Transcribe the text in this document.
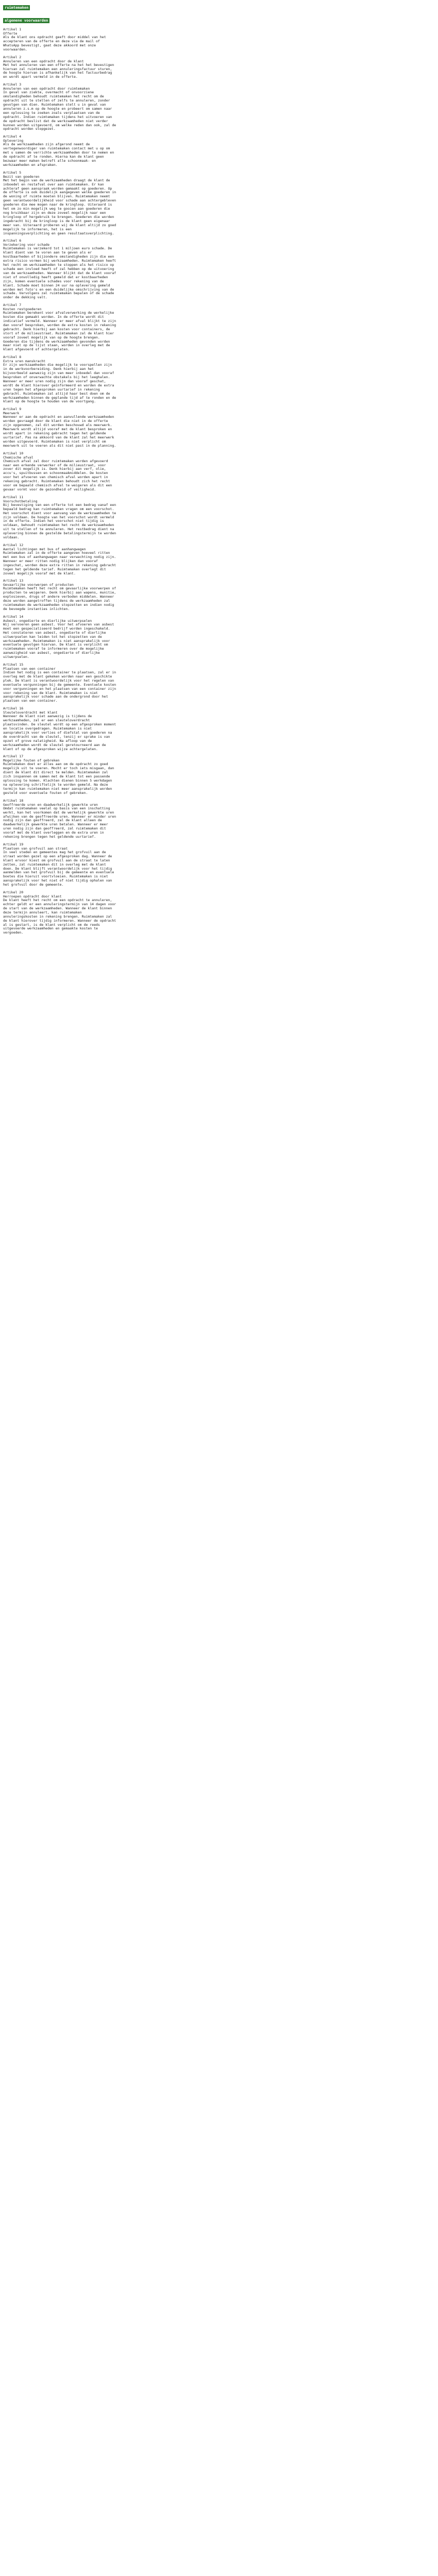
ruimtemaken
algemene voorwaarden

Artikel 1

Offerte

Als de klant ons opdracht geeft door middel van het accepteren van de offerte en deze via de mail of WhatsApp bevestigt, gaat deze akkoord met onze voorwaarden.

Artikel 2

Annuleren van een opdracht door de klant

Met het annuleren van een offerte na het het bevestigen hiervan zal ruimtemaken een annuleringsfactuur sturen, de hoogte hiervan is afhankelijk van het factuurbedrag en wordt apart vermeld in de offerte.

Artikel 3

Annuleren van een opdracht door ruimtemaken

In geval van ziekte, overmacht of onvoorziene omstandigheden behoudt ruimtemaken het recht om de opdracht uit te stellen of zelfs te annuleren, zonder gevolgen van dien. Ruimtemaken stelt u in geval van annuleren z.s.m op de hoogte en probeert om samen naar een oplossing te zoeken zoals verplaatsen van de opdracht. Indien ruimtemaken tijdens het uitvoeren van de opdracht beslist dat de werkzaamheden niet verder kunnen worden uitgevoerd, om welke reden dan ook, zal de opdracht worden stopgezet.

Artikel 4

Oplevering

Als de werkzaamheden zijn afgerond neemt de vertegenwoordiger van ruimtemaken contact met u op om met u samen de verrichte werkzaamheden door te nemen en de opdracht af te ronden. Hierna kan de klant geen bezwaar meer maken betreft alle schoonmaak- en werkzaamheden en afspraken.

Artikel 5

Bezit van goederen

Met het begin van de werkzaamheden draagt de klant de inboedel en restafval over aan ruimtemaken. Er kan achteraf geen aanspraak worden gemaakt op goederen. Op de offerte is ook duidelijk aangegeven welke goederen in de woning of ruimte moeten blijven. Ruimtemaken neemt geen verantwoordelijkheid voor schade aan achtergebleven goederen die mee mogen naar de kringloop. Uiteraard is het om zo min mogelijk weg te gooien aan goederen die nog bruikbaar zijn en deze zoveel mogelijk naar een kringloop of hergebruik te brengen. Goederen die worden ingebracht bij de kringloop is de klant geen eigenaar meer van. Uiteraard proberen wij de klant altijd zo goed mogelijk te informeren, het is een inspanningsverplichting en geen resultaatsverplichting.

Artikel 6

Verzekering voor schade

Ruimtemaken is verzekerd tot 1 miljoen euro schade. De klant dient van te voren aan te geven als er kostbaarheden of bijzondere omstandigheden zijn die een extra risico vormen bij werkzaamheden. Ruimtemaken heeft het recht om werkzaamheden te stoppen als het risico op schade een invloed heeft of zal hebben op de uitvoering van de werkzaamheden. Wanneer blijkt dat de klant vooraf niet of onvolledig heeft gemeld dat er kostbaarheden zijn, komen eventuele schades voor rekening van de klant. Schade moet binnen 24 uur na oplevering gemeld worden met foto's en een duidelijke omschrijving van de schade. Vervolgens zal ruimtemaken bepalen of de schade onder de dekking valt.

Artikel 7

Kosten restgoederen

Ruimtemaken berekent voor afvalverwerking de werkelijke kosten die gemaakt worden. In de offerte wordt dit indicatief vermeld. Wanneer er meer afval blijkt te zijn dan vooraf besproken, worden de extra kosten in rekening gebracht. Denk hierbij aan kosten voor containers, de stort of de milieustraat. Ruimtemaken zal de klant hier vooraf zoveel mogelijk van op de hoogte brengen. Goederen die tijdens de werkzaamheden gevonden worden maar niet op de lijst staan, worden in overleg met de klant afgevoerd of achtergelaten.

Artikel 8

Extra uren manskracht

Er zijn werkzaamheden die mogelijk te voorspellen zijn in de werkvoorbereiding. Denk hierbij aan het bijvoorbeeld aanwezig zijn van meer inboedel dan vooraf besproken of onverwachte obstakels bij het leeghalen. Wanneer er meer uren nodig zijn dan vooraf geschat, wordt de klant hierover geïnformeerd en worden de extra uren tegen het afgesproken uurtarief in rekening gebracht. Ruimtemaken zal altijd haar best doen om de werkzaamheden binnen de geplande tijd af te ronden en de klant op de hoogte te houden van de voortgang.

Artikel 9

Meerwerk

Wanneer er aan de opdracht en aanvullende werkzaamheden worden gevraagd door de klant die niet in de offerte zijn opgenomen, zal dit worden beschouwd als meerwerk. Meerwerk wordt altijd vooraf met de klant besproken en wordt apart in rekening gebracht tegen het geldende uurtarief. Pas na akkoord van de klant zal het meerwerk worden uitgevoerd. Ruimtemaken is niet verplicht om meerwerk uit te voeren als dit niet past in de planning.

Artikel 10

Chemische afval

Chemisch afval zal door ruimtemaken worden afgevoerd naar een erkende verwerker of de milieustraat, voor zover dit mogelijk is. Denk hierbij aan verf, olie, accu's, spuitbussen en schoonmaakmiddelen. De kosten voor het afvoeren van chemisch afval worden apart in rekening gebracht. Ruimtemaken behoudt zich het recht voor om bepaald chemisch afval te weigeren als dit een gevaar vormt voor de gezondheid of veiligheid.

Artikel 11

Voorschotbetaling

Bij bevestiging van een offerte tot een bedrag vanaf een bepaald bedrag kan ruimtemaken vragen om een voorschot. Het voorschot dient voor aanvang van de werkzaamheden te zijn voldaan. De hoogte van het voorschot wordt vermeld in de offerte. Indien het voorschot niet tijdig is voldaan, behoudt ruimtemaken het recht de werkzaamheden uit te stellen of te annuleren. Het restbedrag dient na oplevering binnen de gestelde betalingstermijn te worden voldaan.

Artikel 12

Aantal lichtingen met bus of aanhangwagen

Ruimtemaken zal in de offerte aangeven hoeveel ritten met een bus of aanhangwagen naar verwachting nodig zijn. Wanneer er meer ritten nodig blijken dan vooraf ingeschat, worden deze extra ritten in rekening gebracht tegen het geldende tarief. Ruimtemaken overlegt dit zoveel mogelijk vooraf met de klant.

Artikel 13

Gevaarlijke voorwerpen of producten

Ruimtemaken heeft het recht om gevaarlijke voorwerpen of producten te weigeren. Denk hierbij aan wapens, munitie, explosieven, drugs of andere verboden middelen. Wanneer deze worden aangetroffen tijdens de werkzaamheden zal ruimtemaken de werkzaamheden stopzetten en indien nodig de bevoegde instanties inlichten.

Artikel 14

Asbest, ongedierte en dierlijke uitwerpselen

Wij vervoeren geen asbest. Voor het afvoeren van asbest moet een gespecialiseerd bedrijf worden ingeschakeld. Het constateren van asbest, ongedierte of dierlijke uitwerpselen kan leiden tot het stopzetten van de werkzaamheden. Ruimtemaken is niet aansprakelijk voor eventuele gevolgen hiervan. De klant is verplicht om ruimtemaken vooraf te informeren over de mogelijke aanwezigheid van asbest, ongedierte of dierlijke uitwerpselen.

Artikel 15

Plaatsen van een container

Indien het nodig is een container te plaatsen, zal er in overleg met de klant gekeken worden naar een geschikte plek. De klant is verantwoordelijk voor het regelen van eventuele vergunningen bij de gemeente. Eventuele kosten voor vergunningen en het plaatsen van een container zijn voor rekening van de klant. Ruimtemaken is niet aansprakelijk voor schade aan de ondergrond door het plaatsen van een container.

Artikel 16

Sleuteloverdracht met klant

Wanneer de klant niet aanwezig is tijdens de werkzaamheden, zal er een sleuteloverdracht plaatsvinden. De sleutel wordt op een afgesproken moment en locatie overgedragen. Ruimtemaken is niet aansprakelijk voor verlies of diefstal van goederen na de overdracht van de sleutel, tenzij er sprake is van opzet of grove nalatigheid. Na afloop van de werkzaamheden wordt de sleutel geretourneerd aan de klant of op de afgesproken wijze achtergelaten.

Artikel 17

Mogelijke fouten of gebreken

Ruimtemaken doet er alles aan om de opdracht zo goed mogelijk uit te voeren. Mocht er toch iets misgaan, dan dient de klant dit direct te melden. Ruimtemaken zal zich inspannen om samen met de klant tot een passende oplossing te komen. Klachten dienen binnen 5 werkdagen na oplevering schriftelijk te worden gemeld. Na deze termijn kan ruimtemaken niet meer aansprakelijk worden gesteld voor eventuele fouten of gebreken.

Artikel 18

Geoffreerde uren en daadwerkelijk gewerkte uren

Omdat ruimtemaken veelal op basis van een inschatting werkt, kan het voorkomen dat de werkelijk gewerkte uren afwijken van de geoffreerde uren. Wanneer er minder uren nodig zijn dan geoffreerd, zal de klant alleen de daadwerkelijk gewerkte uren betalen. Wanneer er meer uren nodig zijn dan geoffreerd, zal ruimtemaken dit vooraf met de klant overleggen en de extra uren in rekening brengen tegen het geldende uurtarief.

Artikel 19

Plaatsen van grofvuil aan straat

In veel steden en gemeentes mag het grofvuil aan de straat worden gezet op een afgesproken dag. Wanneer de klant ervoor kiest om grofvuil aan de straat te laten zetten, zal ruimtemaken dit in overleg met de klant doen. De klant blijft verantwoordelijk voor het tijdig aanmelden van het grofvuil bij de gemeente en eventuele boetes die hieruit voortvloeien. Ruimtemaken is niet aansprakelijk voor het niet of niet tijdig ophalen van het grofvuil door de gemeente.

Artikel 20

Herroepen opdracht door klant

De klant heeft het recht om een opdracht te annuleren, echter geldt er een annuleringstermijn van 14 dagen voor de start van de werkzaamheden. Wanneer de klant binnen deze termijn annuleert, kan ruimtemaken annuleringskosten in rekening brengen. Ruimtemaken zal de klant hierover tijdig informeren. Wanneer de opdracht al is gestart, is de klant verplicht om de reeds uitgevoerde werkzaamheden en gemaakte kosten te vergoeden.
